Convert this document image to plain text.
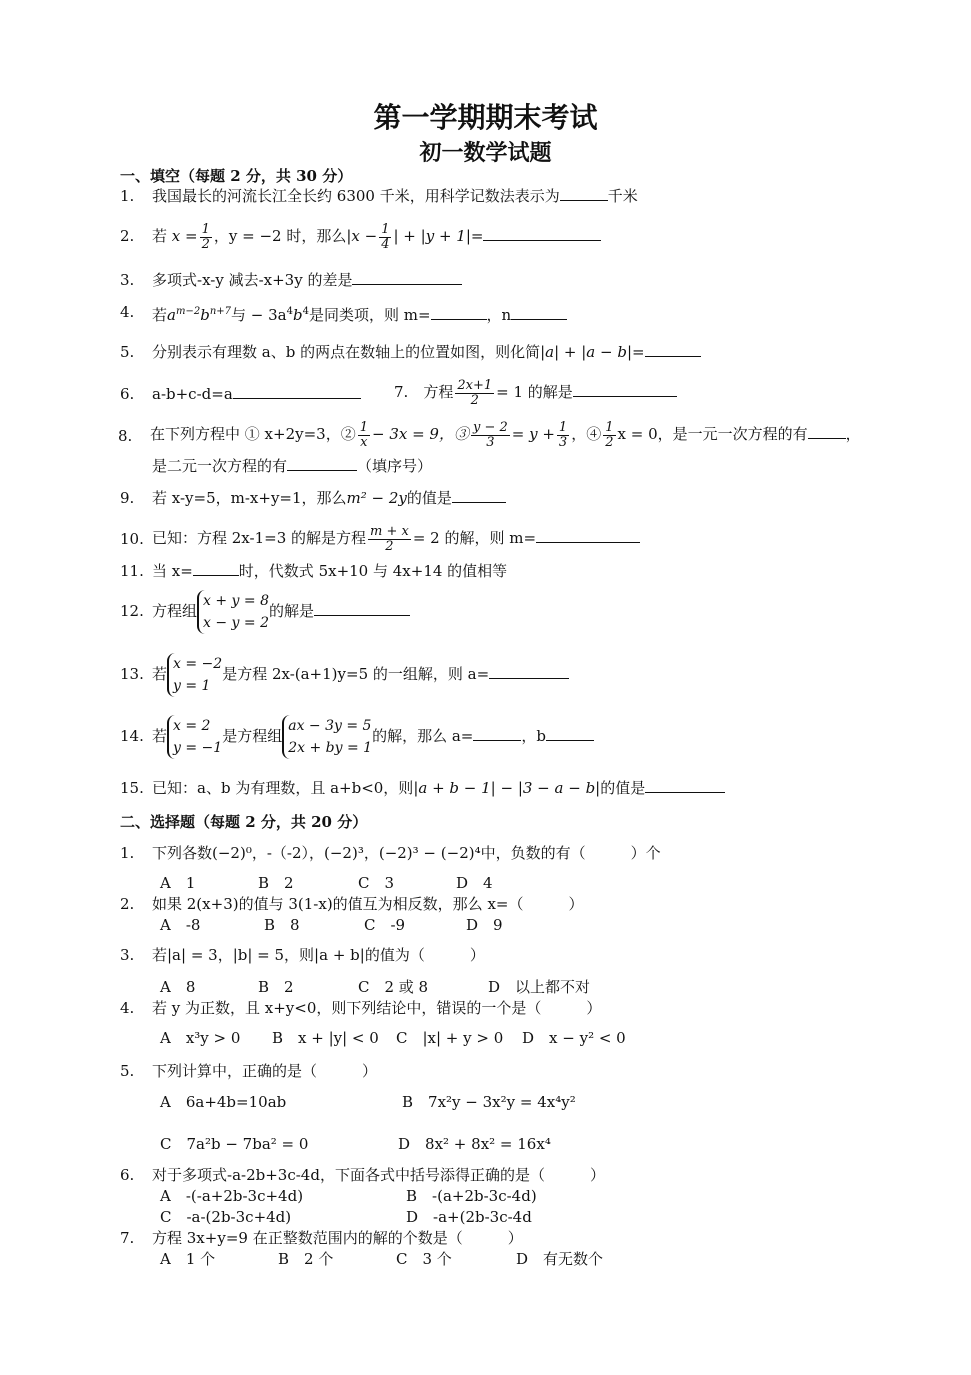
第一学期期末考试
初一数学试题
一、填空（每题 2 分，共 30 分）
1. 我国最长的河流长江全长约 6300 千米，用科学记数法表示为	千米
2. 若 $x = \frac{1}{2}$ ，y = −2 时，那么$|x - \frac{1}{4}$ | + |y + 1|=
3. 多项式-x-y 减去-x+3y 的差是
4. 若$a^{m-2}b^{n+7}$与 − $3a^4b^4$是同类项，则 m=	，n
5. 分别表示有理数 a、b 的两点在数轴上的位置如图，则化简|a| + |a − b|=
6. a-b+c-d=a	7.　 方程 $\frac{2x+1}{2} = 1$ 的解是
8. 在下列方程中 ① x+2y=3，② $\frac{1}{x} - 3x = 9$，③ $\frac{y - 2}{3} = y + \frac{1}{3}$ ，④ $\frac{1}{2}$ x = 0，是一元一次方程的有	，
是二元一次方程的有	（填序号）
9. 若 x-y=5，m-x+y=1，那么m² − 2y的值是
10. 已知：方程 2x-1=3 的解是方程 $\frac{m + x}{2} = 2$ 的解，则 m=
11. 当 x=	时，代数式 5x+10 与 4x+14 的值相等
12. 方程组
x + y = 8
x − y = 2
的解是
13. 若
x = −2
y = 1
是方程 2x-(a+1)y=5 的一组解，则 a=
14. 若
x = 2
y = −1
是方程组
ax − 3y = 5
2x + by = 1
的解，那么 a=	，b
15. 已知：a、b 为有理数，且 a+b<0，则|a + b − 1| − |3 − a − b|的值是
二、选择题（每题 2 分，共 20 分）
1. 下列各数(−2)⁰，-（-2），(−2)³，(−2)³ − (−2)⁴中，负数的有（　　　）个
A　1	B　2	C　3	D　4
2. 如果 2(x+3)的值与 3(1-x)的值互为相反数，那么 x=（　　　）
A　-8	B　8	C　-9	D　9
3. 若|a| = 3，|b| = 5，则|a + b|的值为（　　　）
A　8	B　2	C　2 或 8	D　以上都不对
4. 若 y 为正数，且 x+y<0，则下列结论中，错误的一个是（　　　）
A　x³y > 0 B　x + |y| < 0 C　|x| + y > 0 D　x − y² < 0
5. 下列计算中，正确的是（　　　）
A　6a+4b=10ab	B　7x²y − 3x²y = 4x⁴y²
C　7a²b − 7ba² = 0	D　8x² + 8x² = 16x⁴
6. 对于多项式-a-2b+3c-4d，下面各式中括号添得正确的是（　　　）
A　-(-a+2b-3c+4d)	B　-(a+2b-3c-4d)
C　-a-(2b-3c+4d)	D　-a+(2b-3c-4d
7. 方程 3x+y=9 在正整数范围内的解的个数是（　　　）
A　1 个	B　2 个	C　3 个	D　有无数个
